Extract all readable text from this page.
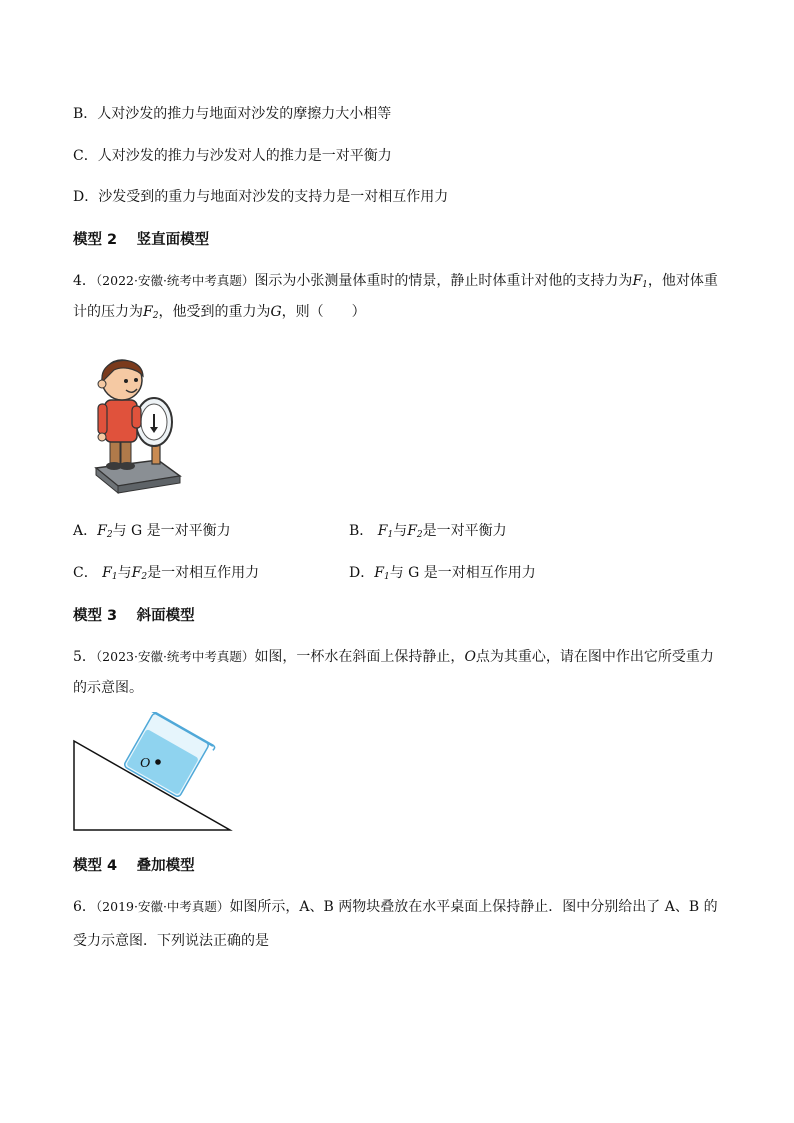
B．人对沙发的推力与地面对沙发的摩擦力大小相等
C．人对沙发的推力与沙发对人的推力是一对平衡力
D．沙发受到的重力与地面对沙发的支持力是一对相互作用力
模型 2　 竖直面模型
4．（2022·安徽·统考中考真题）图示为小张测量体重时的情景，静止时体重计对他的支持力为$F_1$，他对体重
计的压力为$F_2$，他受到的重力为G，则（　　）
A．$F_2$与 G 是一对平衡力	B． $F_1$与$F_2$是一对平衡力
C． $F_1$与$F_2$是一对相互作用力	D．$F_1$与 G 是一对相互作用力
模型 3　 斜面模型
5．（2023·安徽·统考中考真题）如图，一杯水在斜面上保持静止，O点为其重心，请在图中作出它所受重力
的示意图。
O
模型 4　 叠加模型
6．（2019·安徽·中考真题）如图所示，A、B 两物块叠放在水平桌面上保持静止．图中分别给出了 A、B 的
受力示意图．下列说法正确的是
